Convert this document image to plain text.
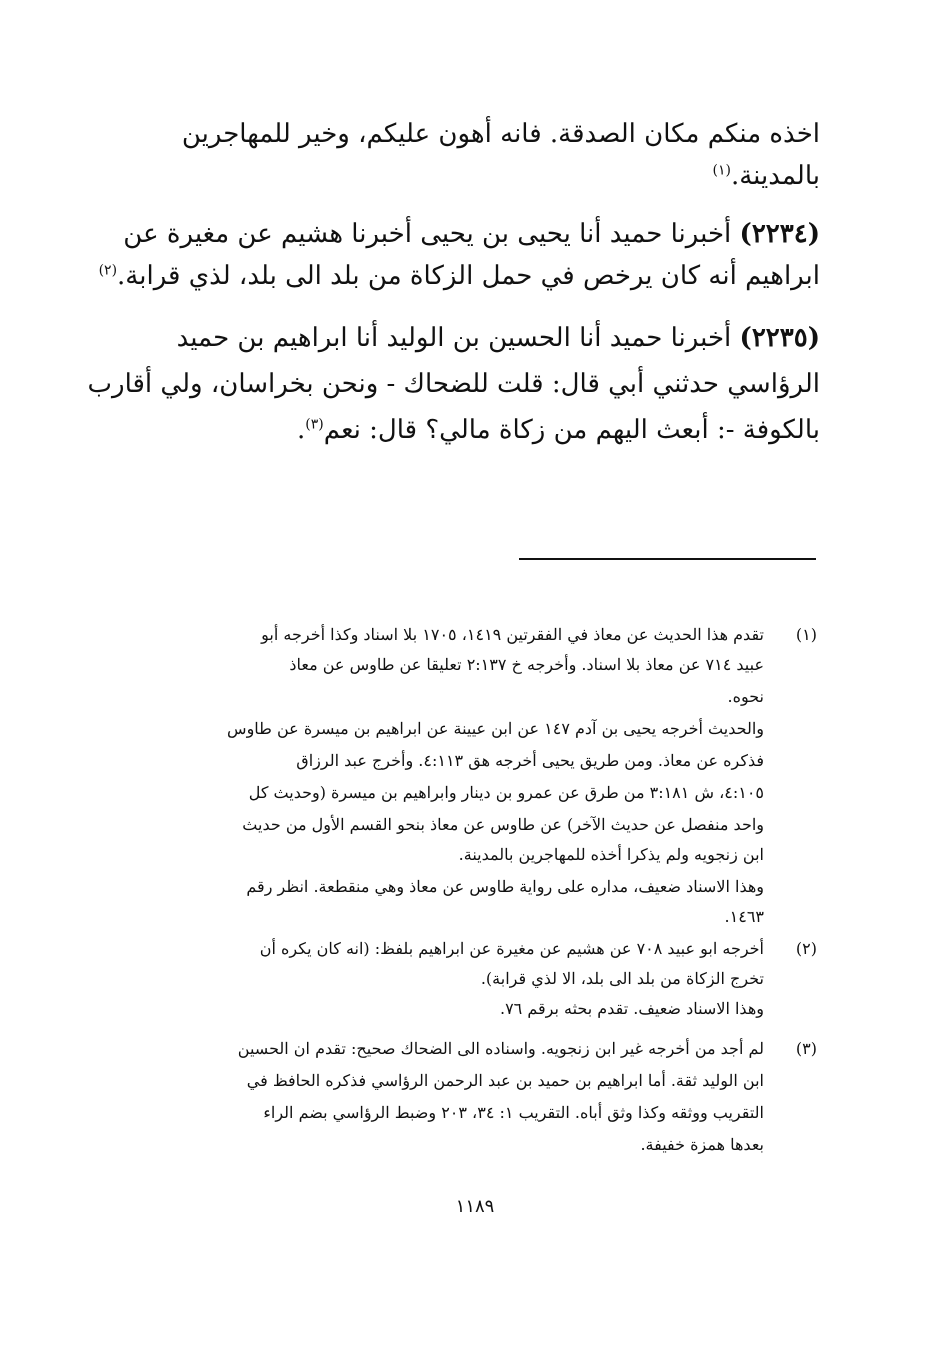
اخذه منكم مكان الصدقة. فانه أهون عليكم، وخير للمهاجرين
بالمدينة.$^{(١)}$
(٢٢٣٤) أخبرنا حميد أنا يحيى بن يحيى أخبرنا هشيم عن مغيرة عن
ابراهيم أنه كان يرخص في حمل الزكاة من بلد الى بلد، لذي قرابة.$^{(٢)}$
(٢٢٣٥) أخبرنا حميد أنا الحسين بن الوليد أنا ابراهيم بن حميد
الرؤاسي حدثني أبي قال: قلت للضحاك - ونحن بخراسان، ولي أقارب
بالكوفة -: أبعث اليهم من زكاة مالي؟ قال: نعم$^{(٣)}$.
(١)
تقدم هذا الحديث عن معاذ في الفقرتين ١٤١٩، ١٧٠٥ بلا اسناد وكذا أخرجه أبو
عبيد ٧١٤ عن معاذ بلا اسناد. وأخرجه خ ٢:١٣٧ تعليقا عن طاوس عن معاذ
نحوه.
والحديث أخرجه يحيى بن آدم ١٤٧ عن ابن عيينة عن ابراهيم بن ميسرة عن طاوس
فذكره عن معاذ. ومن طريق يحيى أخرجه هق ٤:١١٣. وأخرج عبد الرزاق
٤:١٠٥، ش ٣:١٨١ من طرق عن عمرو بن دينار وابراهيم بن ميسرة (وحديث كل
واحد منفصل عن حديث الآخر) عن طاوس عن معاذ بنحو القسم الأول من حديث
ابن زنجويه ولم يذكرا أخذه للمهاجرين بالمدينة.
وهذا الاسناد ضعيف، مداره على رواية طاوس عن معاذ وهي منقطعة. انظر رقم
١٤٦٣.
(٢)
أخرجه ابو عبيد ٧٠٨ عن هشيم عن مغيرة عن ابراهيم بلفظ: (انه كان يكره أن
تخرج الزكاة من بلد الى بلد، الا لذي قرابة).
وهذا الاسناد ضعيف. تقدم بحثه برقم ٧٦.
(٣)
لم أجد من أخرجه غير ابن زنجويه. واسناده الى الضحاك صحيح: تقدم ان الحسين
ابن الوليد ثقة. أما ابراهيم بن حميد بن عبد الرحمن الرؤاسي فذكره الحافظ في
التقريب ووثقه وكذا وثق أباه. التقريب ١: ٣٤، ٢٠٣ وضبط الرؤاسي بضم الراء
بعدها همزة خفيفة.
١١٨٩
